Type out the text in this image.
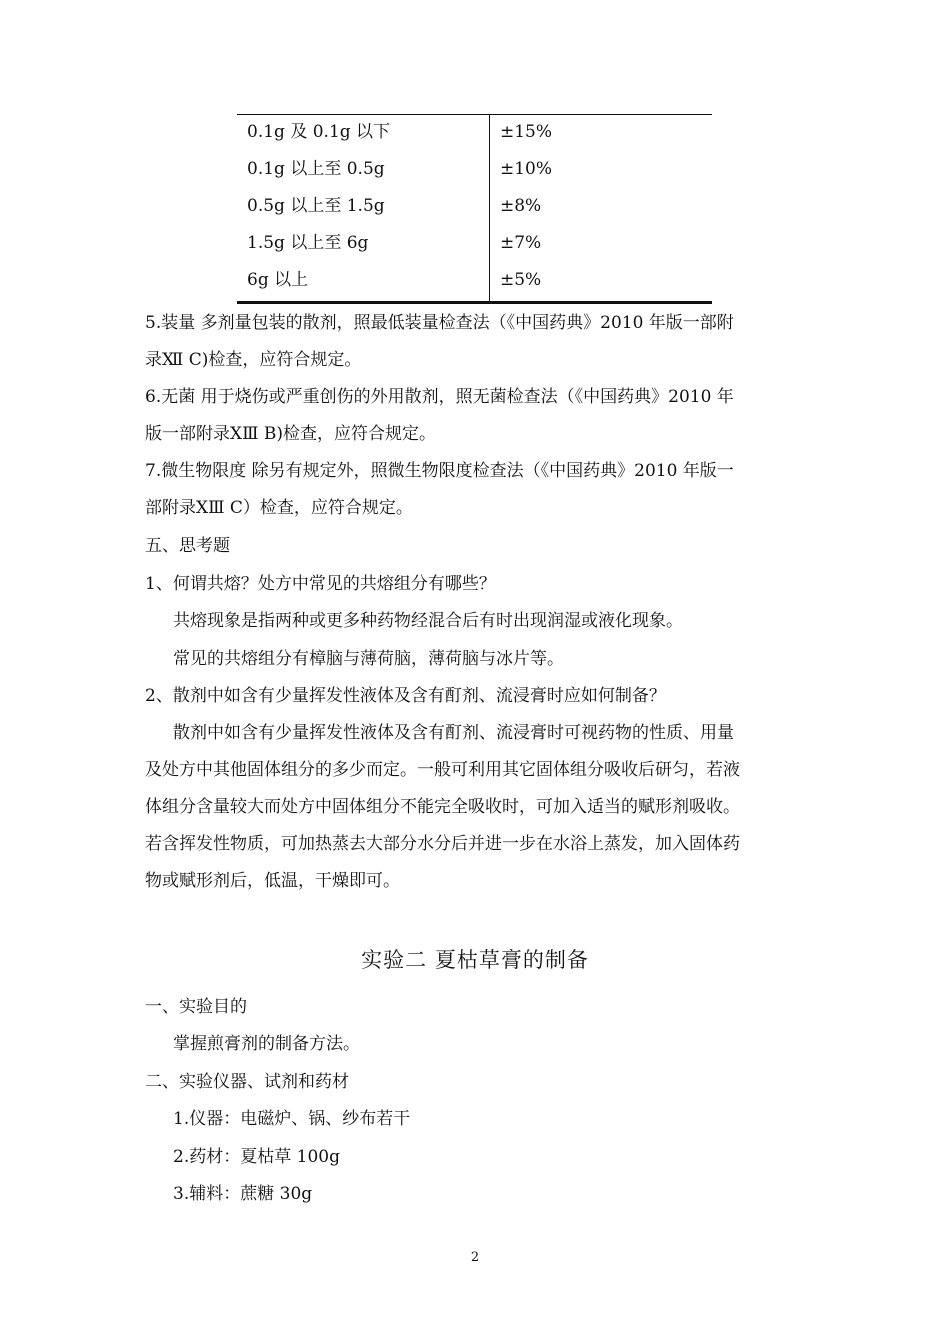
0.1g 及 0.1g 以下	±15%
0.1g 以上至 0.5g	±10%
0.5g 以上至 1.5g	±8%
1.5g 以上至 6g	±7%
6g 以上	±5%
5.装量 多剂量包装的散剂，照最低装量检查法（《中国药典》2010 年版一部附
录Ⅻ C)检查，应符合规定。
6.无菌 用于烧伤或严重创伤的外用散剂，照无菌检查法（《中国药典》2010 年
版一部附录ⅩⅢ B)检查，应符合规定。
7.微生物限度 除另有规定外，照微生物限度检查法（《中国药典》2010 年版一
部附录ⅩⅢ C）检查，应符合规定。
五、思考题
1、何谓共熔？处方中常见的共熔组分有哪些？
共熔现象是指两种或更多种药物经混合后有时出现润湿或液化现象。
常见的共熔组分有樟脑与薄荷脑，薄荷脑与冰片等。
2、散剂中如含有少量挥发性液体及含有酊剂、流浸膏时应如何制备？
散剂中如含有少量挥发性液体及含有酊剂、流浸膏时可视药物的性质、用量
及处方中其他固体组分的多少而定。一般可利用其它固体组分吸收后研匀，若液
体组分含量较大而处方中固体组分不能完全吸收时，可加入适当的赋形剂吸收。
若含挥发性物质，可加热蒸去大部分水分后并进一步在水浴上蒸发，加入固体药
物或赋形剂后，低温，干燥即可。
实验二 夏枯草膏的制备
一、实验目的
掌握煎膏剂的制备方法。
二、实验仪器、试剂和药材
1.仪器：电磁炉、锅、纱布若干
2.药材：夏枯草 100g
3.辅料：蔗糖 30g
2
